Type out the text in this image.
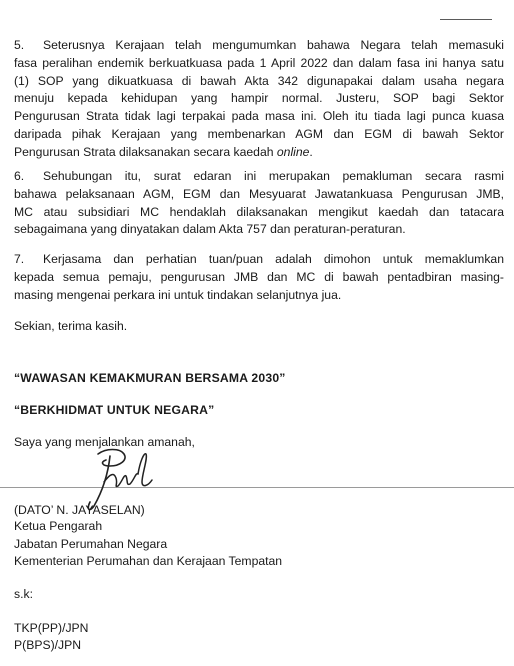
5. Seterusnya Kerajaan telah mengumumkan bahawa Negara telah memasuki
fasa peralihan endemik berkuatkuasa pada 1 April 2022 dan dalam fasa ini hanya satu
(1) SOP yang dikuatkuasa di bawah Akta 342 digunapakai dalam usaha negara
menuju kepada kehidupan yang hampir normal. Justeru, SOP bagi Sektor
Pengurusan Strata tidak lagi terpakai pada masa ini. Oleh itu tiada lagi punca kuasa
daripada pihak Kerajaan yang membenarkan AGM dan EGM di bawah Sektor
Pengurusan Strata dilaksanakan secara kaedah online.
6. Sehubungan itu, surat edaran ini merupakan pemakluman secara rasmi
bahawa pelaksanaan AGM, EGM dan Mesyuarat Jawatankuasa Pengurusan JMB,
MC atau subsidiari MC hendaklah dilaksanakan mengikut kaedah dan tatacara
sebagaimana yang dinyatakan dalam Akta 757 dan peraturan-peraturan.
7. Kerjasama dan perhatian tuan/puan adalah dimohon untuk memaklumkan
kepada semua pemaju, pengurusan JMB dan MC di bawah pentadbiran masing-
masing mengenai perkara ini untuk tindakan selanjutnya jua.

Sekian, terima kasih.

“WAWASAN KEMAKMURAN BERSAMA 2030”

“BERKHIDMAT UNTUK NEGARA”

Saya yang menjalankan amanah,

(DATO’ N. JAYASELAN)

Ketua Pengarah

Jabatan Perumahan Negara

Kementerian Perumahan dan Kerajaan Tempatan

s.k:

TKP(PP)/JPN

P(BPS)/JPN
